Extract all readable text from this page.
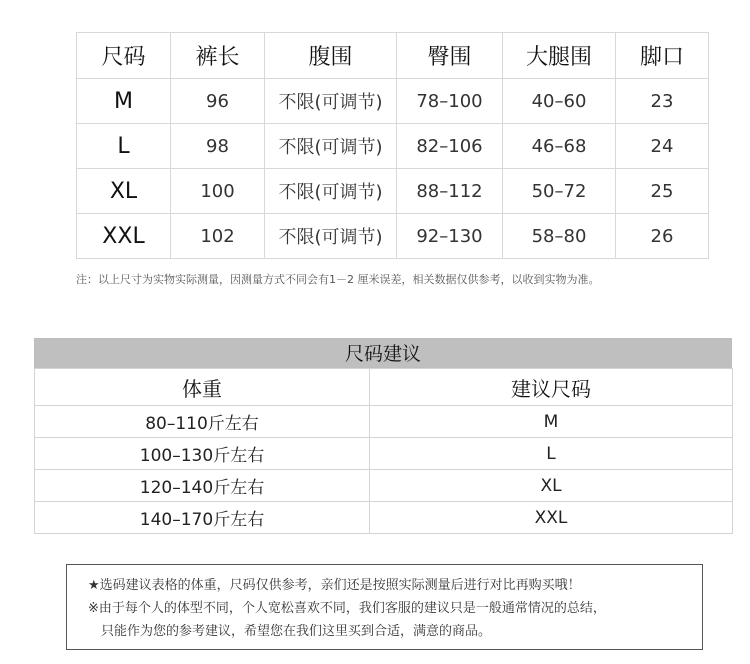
尺码	裤长	腹围	臀围	大腿围	脚口
M	96	不限(可调节)	78–100	40–60	23
L	98	不限(可调节)	82–106	46–68	24
XL	100	不限(可调节)	88–112	50–72	25
XXL	102	不限(可调节)	92–130	58–80	26
注：以上尺寸为实物实际测量，因测量方式不同会有1－2 厘米误差，相关数据仅供参考，以收到实物为准。
尺码建议
体重	建议尺码
80–110斤左右	M
100–130斤左右	L
120–140斤左右	XL
140–170斤左右	XXL
★选码建议表格的体重，尺码仅供参考，亲们还是按照实际测量后进行对比再购买哦！
※由于每个人的体型不同，个人宽松喜欢不同，我们客服的建议只是一般通常情况的总结，
只能作为您的参考建议，希望您在我们这里买到合适，满意的商品。
